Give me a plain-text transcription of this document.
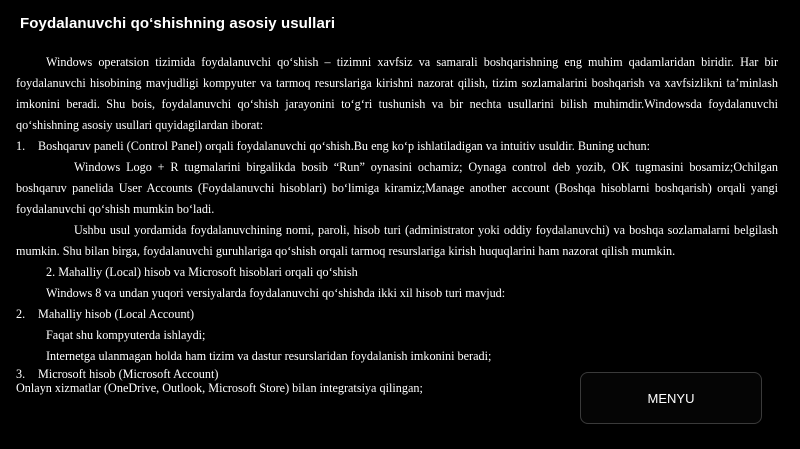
Foydalanuvchi qo‘shishning asosiy usullari

Windows operatsion tizimida foydalanuvchi qo‘shish – tizimni xavfsiz va samarali boshqarishning eng muhim qadamlaridan biridir. Har bir foydalanuvchi hisobining mavjudligi kompyuter va tarmoq resurslariga kirishni nazorat qilish, tizim sozlamalarini boshqarish va xavfsizlikni ta’minlash imkonini beradi. Shu bois, foydalanuvchi qo‘shish jarayonini to‘g‘ri tushunish va bir nechta usullarini bilish muhimdir.Windowsda foydalanuvchi qo‘shishning asosiy usullari quyidagilardan iborat:

1.	Boshqaruv paneli (Control Panel) orqali foydalanuvchi qo‘shish.Bu eng ko‘p ishlatiladigan va intuitiv usuldir. Buning uchun:

Windows Logo + R tugmalarini birgalikda bosib “Run” oynasini ochamiz; Oynaga control deb yozib, OK tugmasini bosamiz;Ochilgan boshqaruv panelida User Accounts (Foydalanuvchi hisoblari) bo‘limiga kiramiz;Manage another account (Boshqa hisoblarni boshqarish) orqali yangi foydalanuvchi qo‘shish mumkin bo‘ladi.

Ushbu usul yordamida foydalanuvchining nomi, paroli, hisob turi (administrator yoki oddiy foydalanuvchi) va boshqa sozlamalarni belgilash mumkin. Shu bilan birga, foydalanuvchi guruhlariga qo‘shish orqali tarmoq resurslariga kirish huquqlarini ham nazorat qilish mumkin.

2. Mahalliy (Local) hisob va Microsoft hisoblari orqali qo‘shish

Windows 8 va undan yuqori versiyalarda foydalanuvchi qo‘shishda ikki xil hisob turi mavjud:

2.	Mahalliy hisob (Local Account)

Faqat shu kompyuterda ishlaydi;

Internetga ulanmagan holda ham tizim va dastur resurslaridan foydalanish imkonini beradi;

3.	Microsoft hisob (Microsoft Account)

Onlayn xizmatlar (OneDrive, Outlook, Microsoft Store) bilan integratsiya qilingan;

MENYU
